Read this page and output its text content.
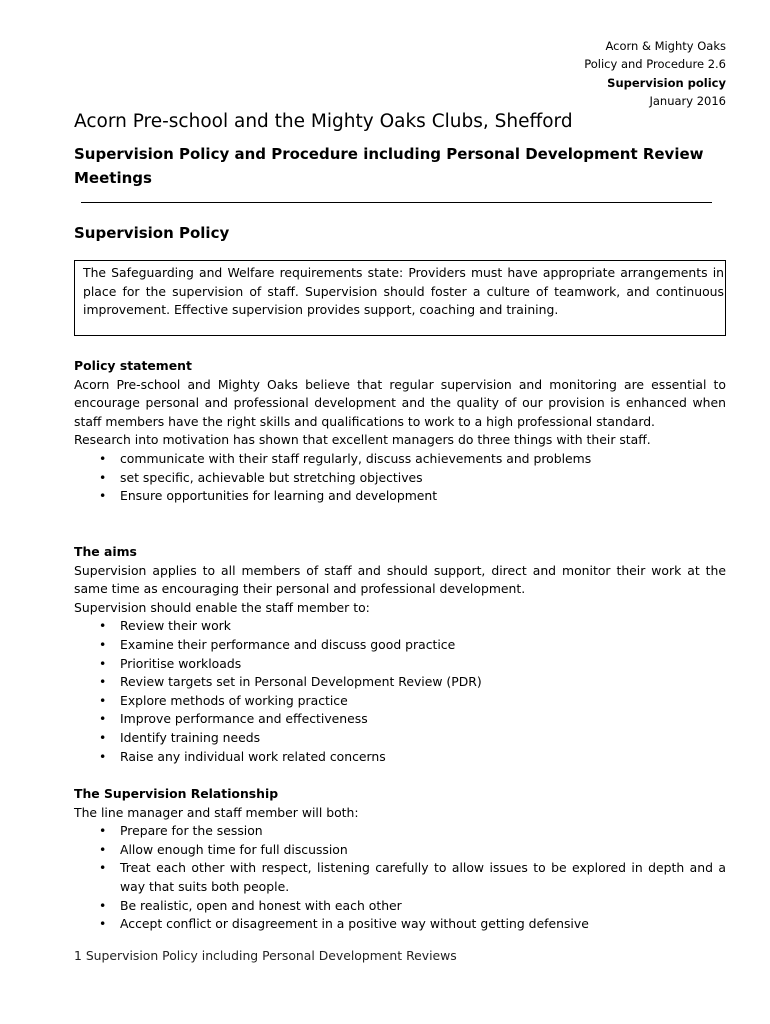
Acorn & Mighty Oaks
Policy and Procedure 2.6
Supervision policy
January 2016
Acorn Pre-school and the Mighty Oaks Clubs, Shefford
Supervision Policy and Procedure including Personal Development Review Meetings
Supervision Policy
The Safeguarding and Welfare requirements state: Providers must have appropriate arrangements in place for the supervision of staff. Supervision should foster a culture of teamwork, and continuous improvement. Effective supervision provides support, coaching and training.
Policy statement
Acorn Pre-school and Mighty Oaks believe that regular supervision and monitoring are essential to encourage personal and professional development and the quality of our provision is enhanced when staff members have the right skills and qualifications to work to a high professional standard.
Research into motivation has shown that excellent managers do three things with their staff.
• communicate with their staff regularly, discuss achievements and problems
• set specific, achievable but stretching objectives
• Ensure opportunities for learning and development
The aims
Supervision applies to all members of staff and should support, direct and monitor their work at the same time as encouraging their personal and professional development.
Supervision should enable the staff member to:
• Review their work
• Examine their performance and discuss good practice
• Prioritise workloads
• Review targets set in Personal Development Review (PDR)
• Explore methods of working practice
• Improve performance and effectiveness
• Identify training needs
• Raise any individual work related concerns
The Supervision Relationship
The line manager and staff member will both:
• Prepare for the session
• Allow enough time for full discussion
• Treat each other with respect, listening carefully to allow issues to be explored in depth and a way that suits both people.
• Be realistic, open and honest with each other
• Accept conflict or disagreement in a positive way without getting defensive
1 Supervision Policy including Personal Development Reviews
